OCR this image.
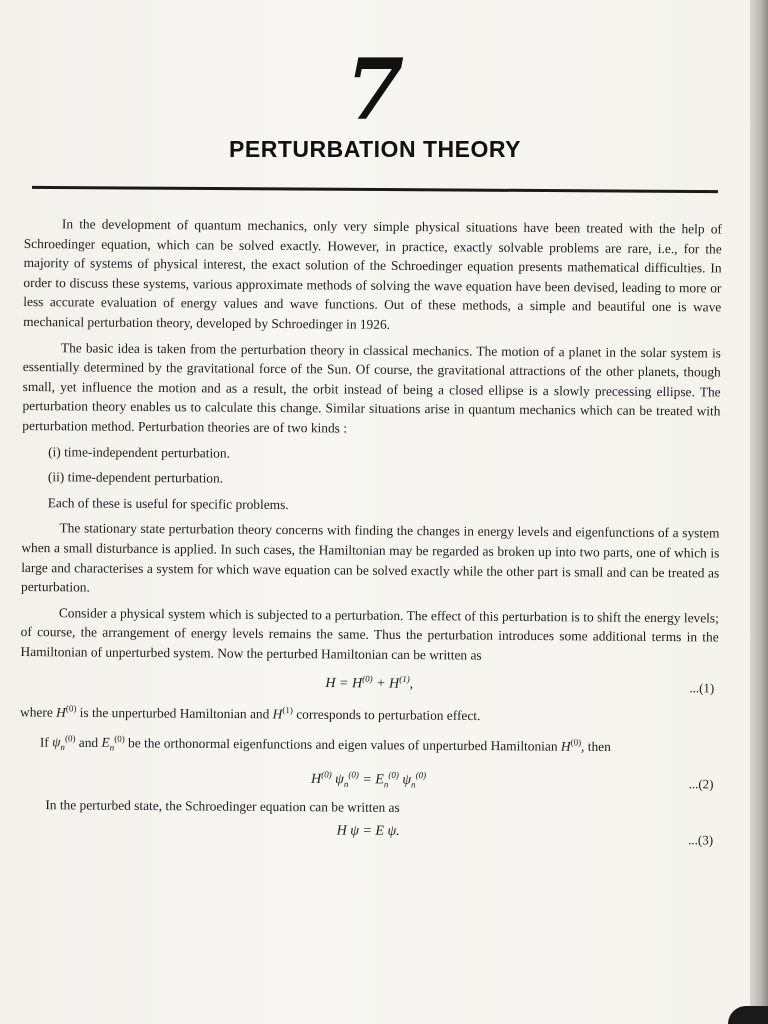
7
PERTURBATION THEORY

In the development of quantum mechanics, only very simple physical situations have been treated with the help of Schroedinger equation, which can be solved exactly. However, in practice, exactly solvable problems are rare, i.e., for the majority of systems of physical interest, the exact solution of the Schroedinger equation presents mathematical difficulties. In order to discuss these systems, various approximate methods of solving the wave equation have been devised, leading to more or less accurate evaluation of energy values and wave functions. Out of these methods, a simple and beautiful one is wave mechanical perturbation theory, developed by Schroedinger in 1926.

The basic idea is taken from the perturbation theory in classical mechanics. The motion of a planet in the solar system is essentially determined by the gravitational force of the Sun. Of course, the gravitational attractions of the other planets, though small, yet influence the motion and as a result, the orbit instead of being a closed ellipse is a slowly precessing ellipse. The perturbation theory enables us to calculate this change. Similar situations arise in quantum mechanics which can be treated with perturbation method. Perturbation theories are of two kinds :

(i) time-independent perturbation.

(ii) time-dependent perturbation.

Each of these is useful for specific problems.

The stationary state perturbation theory concerns with finding the changes in energy levels and eigenfunctions of a system when a small disturbance is applied. In such cases, the Hamiltonian may be regarded as broken up into two parts, one of which is large and characterises a system for which wave equation can be solved exactly while the other part is small and can be treated as perturbation.

Consider a physical system which is subjected to a perturbation. The effect of this perturbation is to shift the energy levels; of course, the arrangement of energy levels remains the same. Thus the perturbation introduces some additional terms in the Hamiltonian of unperturbed system. Now the perturbed Hamiltonian can be written as

$H = H^{(0)} + H^{(1)}$,	...(1)

where $H^{(0)}$ is the unperturbed Hamiltonian and $H^{(1)}$ corresponds to perturbation effect.

If $\psi_n^{(0)}$ and $E_n^{(0)}$ be the orthonormal eigenfunctions and eigen values of unperturbed Hamiltonian $H^{(0)}$, then

$H^{(0)}$ $\psi_n^{(0)} = E_n^{(0)}$ $\psi_n^{(0)}$
...(2)

In the perturbed state, the Schroedinger equation can be written as

H ψ = E ψ.
...(3)
